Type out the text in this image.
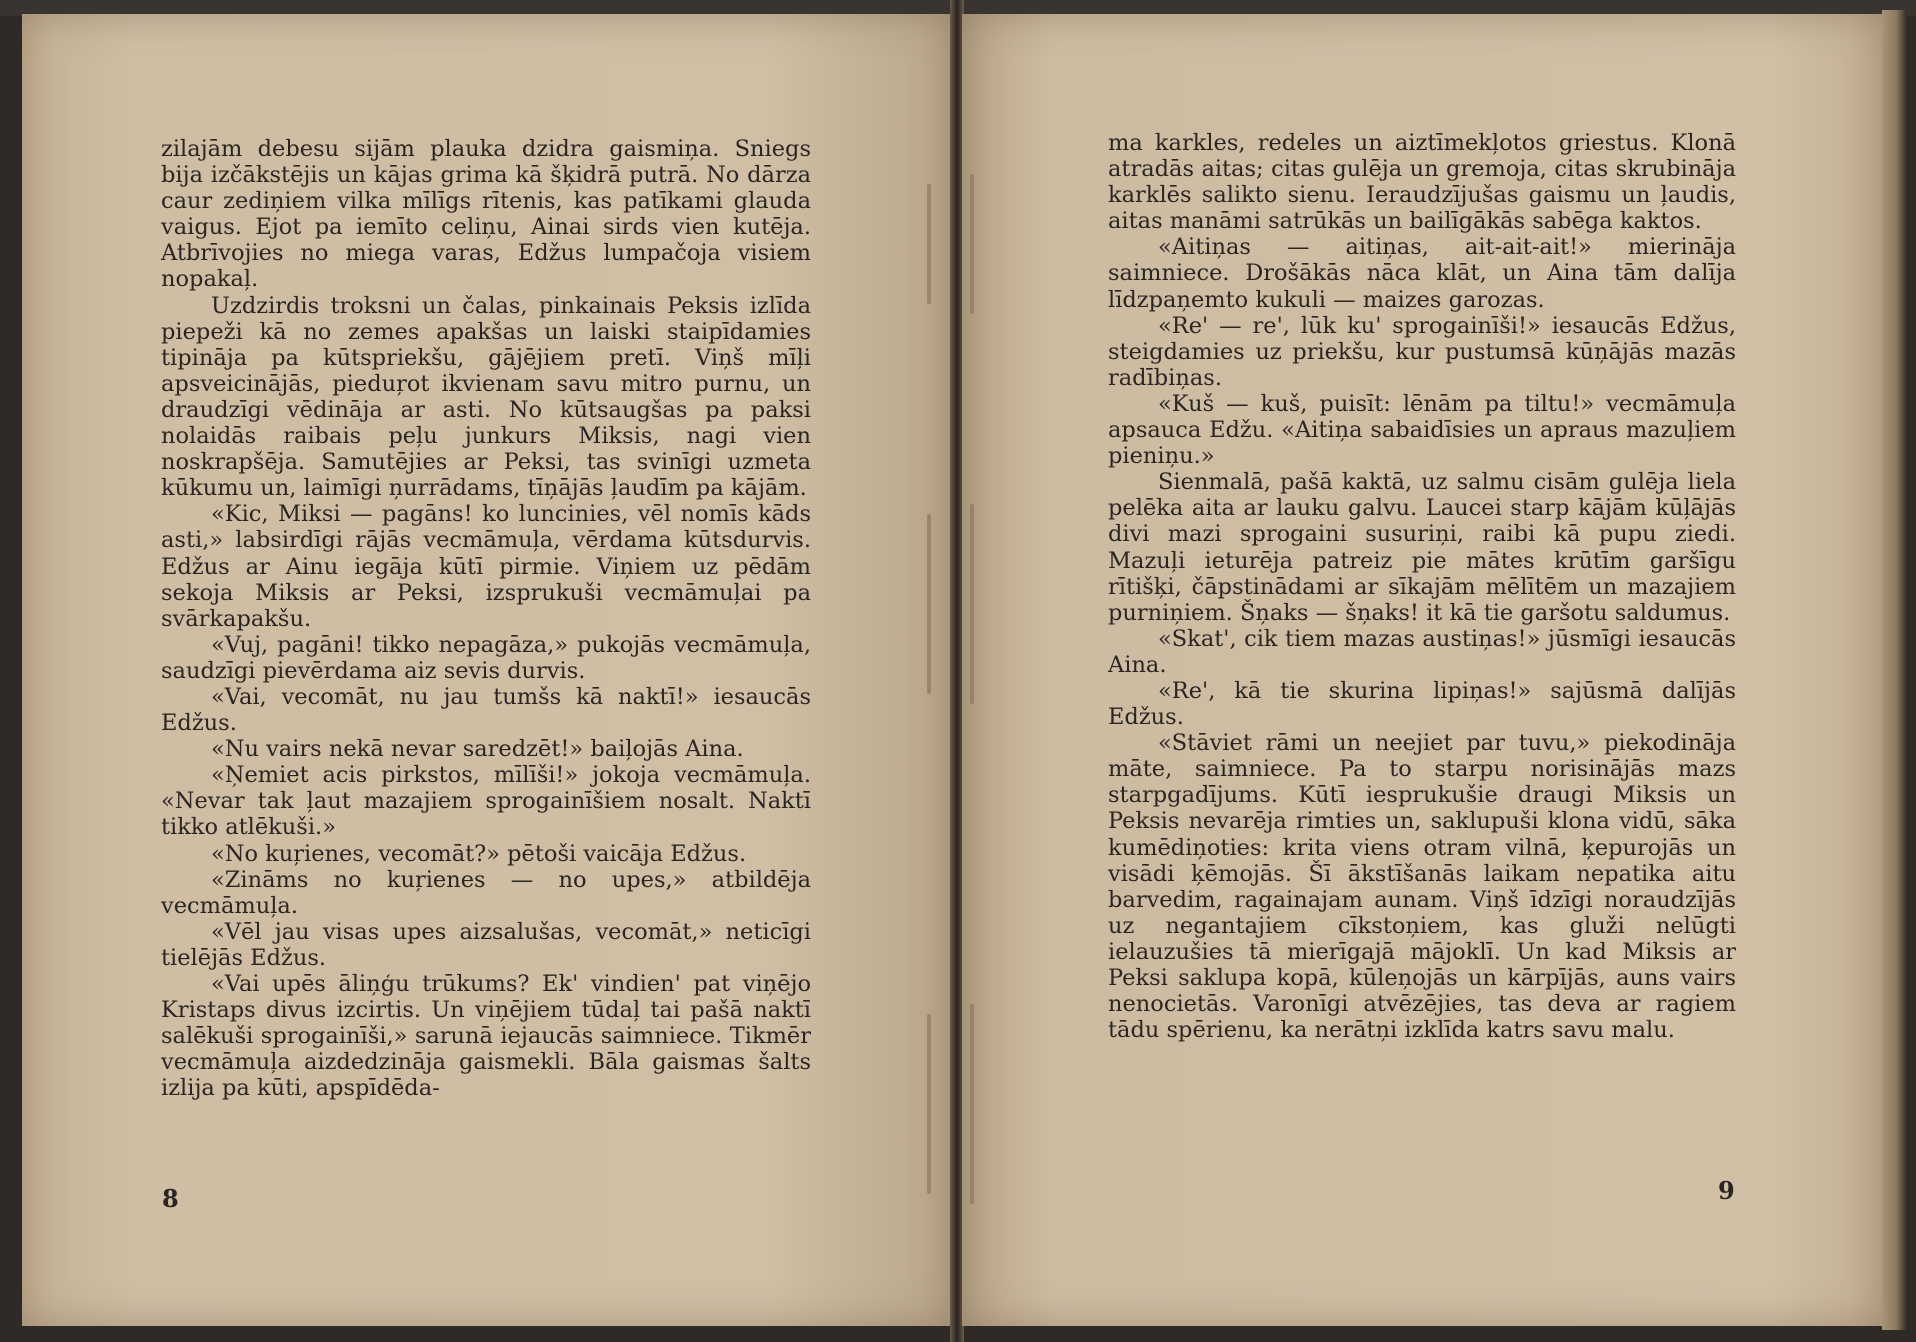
zilajām debesu sijām plauka dzidra gaismiņa. Sniegs bija izčākstējis un kājas grima kā šķidrā putrā. No dārza caur zediņiem vilka mīlīgs rītenis, kas patīkami glauda vaigus. Ejot pa iemīto celiņu, Ainai sirds vien kutēja. Atbrīvojies no miega varas, Edžus lumpačoja visiem nopakaļ.

Uzdzirdis troksni un čalas, pinkainais Peksis izlīda piepeži kā no zemes apakšas un laiski staipīdamies tipināja pa kūtspriekšu, gājējiem pretī. Viņš mīļi apsveicinājās, pieduŗot ikvienam savu mitro purnu, un draudzīgi vēdināja ar asti. No kūtsaugšas pa paksi nolaidās raibais peļu junkurs Miksis, nagi vien noskrapšēja. Samutējies ar Peksi, tas svinīgi uzmeta kūkumu un, laimīgi ņurrādams, tīņājās ļaudīm pa kājām.

«Kic, Miksi — pagāns! ko luncinies, vēl nomīs kāds asti,» labsirdīgi rājās vecmāmuļa, vērdama kūtsdurvis. Edžus ar Ainu iegāja kūtī pirmie. Viņiem uz pēdām sekoja Miksis ar Peksi, izsprukuši vecmāmuļai pa svārkapakšu.

«Vuj, pagāni! tikko nepagāza,» pukojās vecmāmuļa, saudzīgi pievērdama aiz sevis durvis.

«Vai, vecomāt, nu jau tumšs kā naktī!» iesaucās Edžus.

«Nu vairs nekā nevar saredzēt!» baiļojās Aina.

«Ņemiet acis pirkstos, mīlīši!» jokoja vecmāmuļa. «Nevar tak ļaut mazajiem sprogainīšiem nosalt. Naktī tikko atlēkuši.»

«No kuŗienes, vecomāt?» pētoši vaicāja Edžus.

«Zināms no kuŗienes — no upes,» atbildēja vecmāmuļa.

«Vēl jau visas upes aizsalušas, vecomāt,» neticīgi tielējās Edžus.

«Vai upēs āliņģu trūkums? Ek' vindien' pat viņējo Kristaps divus izcirtis. Un viņējiem tūdaļ tai pašā naktī salēkuši sprogainīši,» sarunā iejaucās saimniece. Tikmēr vecmāmuļa aizdedzināja gaismekli. Bāla gaismas šalts izlija pa kūti, apspīdēda-

8

ma karkles, redeles un aiztīmekļotos griestus. Klonā atradās aitas; citas gulēja un gremoja, citas skrubināja karklēs salikto sienu. Ieraudzījušas gaismu un ļaudis, aitas manāmi satrūkās un bailīgākās sabēga kaktos.

«Aitiņas — aitiņas, ait-ait-ait!» mierināja saimniece. Drošākās nāca klāt, un Aina tām dalīja līdzpaņemto kukuli — maizes garozas.

«Re' — re', lūk ku' sprogainīši!» iesaucās Edžus, steigdamies uz priekšu, kur pustumsā kūņājās mazās radībiņas.

«Kuš — kuš, puisīt: lēnām pa tiltu!» vecmāmuļa apsauca Edžu. «Aitiņa sabaidīsies un apraus mazuļiem pieniņu.»

Sienmalā, pašā kaktā, uz salmu cisām gulēja liela pelēka aita ar lauku galvu. Laucei starp kājām kūļājās divi mazi sprogaini susuriņi, raibi kā pupu ziedi. Mazuļi ieturēja patreiz pie mātes krūtīm garšīgu rītišķi, čāpstinādami ar sīkajām mēlītēm un mazajiem purniņiem. Šņaks — šņaks! it kā tie garšotu saldumus.

«Skat', cik tiem mazas austiņas!» jūsmīgi iesaucās Aina.

«Re', kā tie skurina lipiņas!» sajūsmā dalījās Edžus.

«Stāviet rāmi un neejiet par tuvu,» piekodināja māte, saimniece. Pa to starpu norisinājās mazs starpgadījums. Kūtī iesprukušie draugi Miksis un Peksis nevarēja rimties un, saklupuši klona vidū, sāka kumēdiņoties: krita viens otram vilnā, ķepurojās un visādi ķēmojās. Šī ākstīšanās laikam nepatika aitu barvedim, ragainajam aunam. Viņš īdzīgi noraudzījās uz negantajiem cīkstoņiem, kas gluži nelūgti ielauzušies tā mierīgajā mājoklī. Un kad Miksis ar Peksi saklupa kopā, kūleņojās un kārpījās, auns vairs nenocietās. Varonīgi atvēzējies, tas deva ar ragiem tādu spērienu, ka nerātņi izklīda katrs savu malu.

9
